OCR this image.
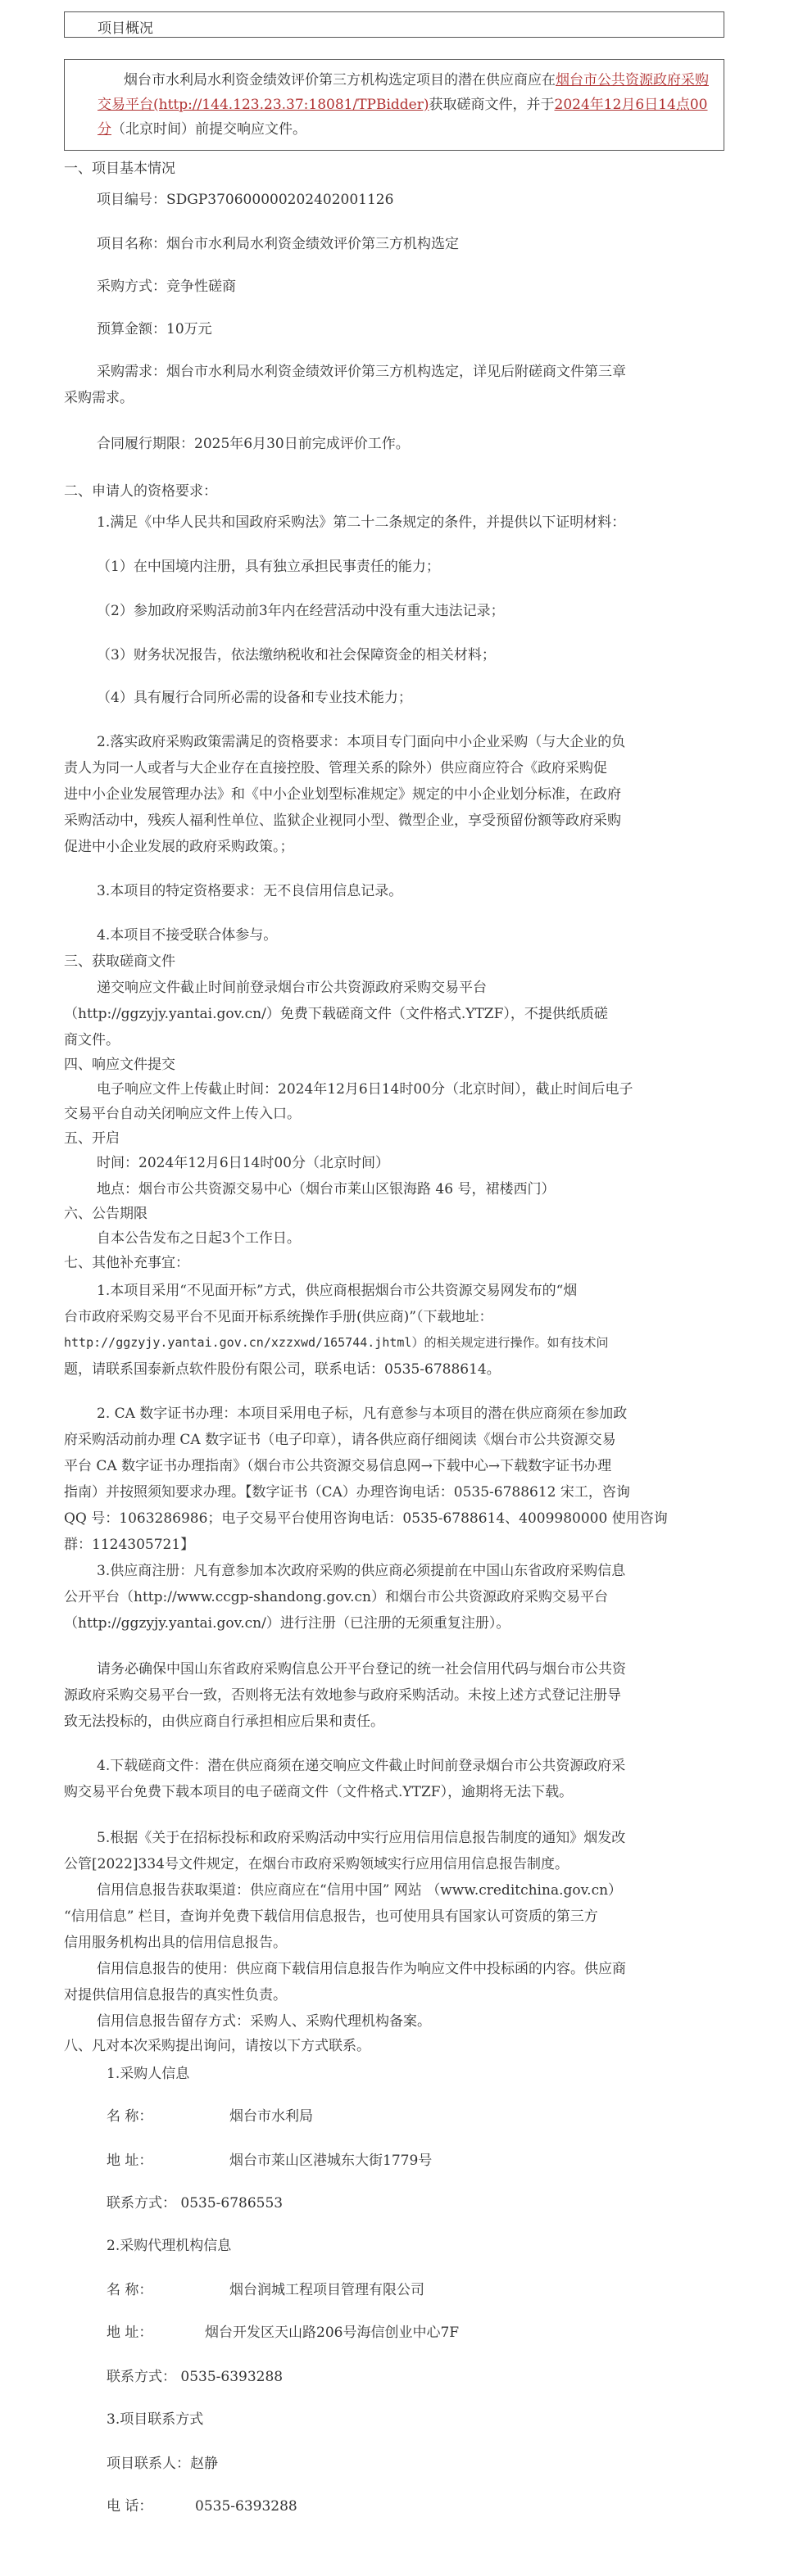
项目概况
烟台市水利局水利资金绩效评价第三方机构选定项目的潜在供应商应在烟台市公共资源政府采购交易平台(http://144.123.23.37:18081/TPBidder)获取磋商文件，并于2024年12月6日14点00分（北京时间）前提交响应文件。
一、项目基本情况
项目编号：SDGP370600000202402001126
项目名称：烟台市水利局水利资金绩效评价第三方机构选定
采购方式：竞争性磋商
预算金额：10万元
采购需求：烟台市水利局水利资金绩效评价第三方机构选定，详见后附磋商文件第三章
采购需求。
合同履行期限：2025年6月30日前完成评价工作。
二、申请人的资格要求：
1.满足《中华人民共和国政府采购法》第二十二条规定的条件，并提供以下证明材料：
（1）在中国境内注册，具有独立承担民事责任的能力；
（2）参加政府采购活动前3年内在经营活动中没有重大违法记录；
（3）财务状况报告，依法缴纳税收和社会保障资金的相关材料；
（4）具有履行合同所必需的设备和专业技术能力；
2.落实政府采购政策需满足的资格要求：本项目专门面向中小企业采购（与大企业的负
责人为同一人或者与大企业存在直接控股、管理关系的除外）供应商应符合《政府采购促
进中小企业发展管理办法》和《中小企业划型标准规定》规定的中小企业划分标准，在政府
采购活动中，残疾人福利性单位、监狱企业视同小型、微型企业，享受预留份额等政府采购
促进中小企业发展的政府采购政策。；
3.本项目的特定资格要求：无不良信用信息记录。
4.本项目不接受联合体参与。
三、获取磋商文件
递交响应文件截止时间前登录烟台市公共资源政府采购交易平台
（http://ggzyjy.yantai.gov.cn/）免费下载磋商文件（文件格式.YTZF），不提供纸质磋
商文件。
四、响应文件提交
电子响应文件上传截止时间：2024年12月6日14时00分（北京时间），截止时间后电子
交易平台自动关闭响应文件上传入口。
五、开启
时间：2024年12月6日14时00分（北京时间）
地点：烟台市公共资源交易中心（烟台市莱山区银海路 46 号，裙楼西门）
六、公告期限
自本公告发布之日起3个工作日。
七、其他补充事宜：
1.本项目采用“不见面开标”方式，供应商根据烟台市公共资源交易网发布的“烟
台市政府采购交易平台不见面开标系统操作手册(供应商)”（下载地址：
http://ggzyjy.yantai.gov.cn/xzzxwd/165744.jhtml）的相关规定进行操作。如有技术问
题，请联系国泰新点软件股份有限公司，联系电话：0535-6788614。
2. CA 数字证书办理：本项目采用电子标，凡有意参与本项目的潜在供应商须在参加政
府采购活动前办理 CA 数字证书（电子印章），请各供应商仔细阅读《烟台市公共资源交易
平台 CA 数字证书办理指南》（烟台市公共资源交易信息网→下载中心→下载数字证书办理
指南）并按照须知要求办理。【数字证书（CA）办理咨询电话：0535-6788612 宋工，咨询
QQ 号：1063286986；电子交易平台使用咨询电话：0535-6788614、4009980000 使用咨询
群：1124305721】
3.供应商注册：凡有意参加本次政府采购的供应商必须提前在中国山东省政府采购信息
公开平台（http://www.ccgp-shandong.gov.cn）和烟台市公共资源政府采购交易平台
（http://ggzyjy.yantai.gov.cn/）进行注册（已注册的无须重复注册）。
请务必确保中国山东省政府采购信息公开平台登记的统一社会信用代码与烟台市公共资
源政府采购交易平台一致，否则将无法有效地参与政府采购活动。未按上述方式登记注册导
致无法投标的，由供应商自行承担相应后果和责任。
4.下载磋商文件：潜在供应商须在递交响应文件截止时间前登录烟台市公共资源政府采
购交易平台免费下载本项目的电子磋商文件（文件格式.YTZF），逾期将无法下载。
5.根据《关于在招标投标和政府采购活动中实行应用信用信息报告制度的通知》烟发改
公管[2022]334号文件规定，在烟台市政府采购领域实行应用信用信息报告制度。
信用信息报告获取渠道：供应商应在“信用中国” 网站 （www.creditchina.gov.cn）
“信用信息” 栏目，查询并免费下载信用信息报告，也可使用具有国家认可资质的第三方
信用服务机构出具的信用信息报告。
信用信息报告的使用：供应商下载信用信息报告作为响应文件中投标函的内容。供应商
对提供信用信息报告的真实性负责。
信用信息报告留存方式：采购人、采购代理机构备案。
八、凡对本次采购提出询问，请按以下方式联系。
1.采购人信息
名 称：	烟台市水利局
地 址：	烟台市莱山区港城东大街1779号
联系方式： 0535-6786553
2.采购代理机构信息
名 称：	烟台润城工程项目管理有限公司
地 址：	烟台开发区天山路206号海信创业中心7F
联系方式： 0535-6393288
3.项目联系方式
项目联系人：赵静
电 话：	0535-6393288
